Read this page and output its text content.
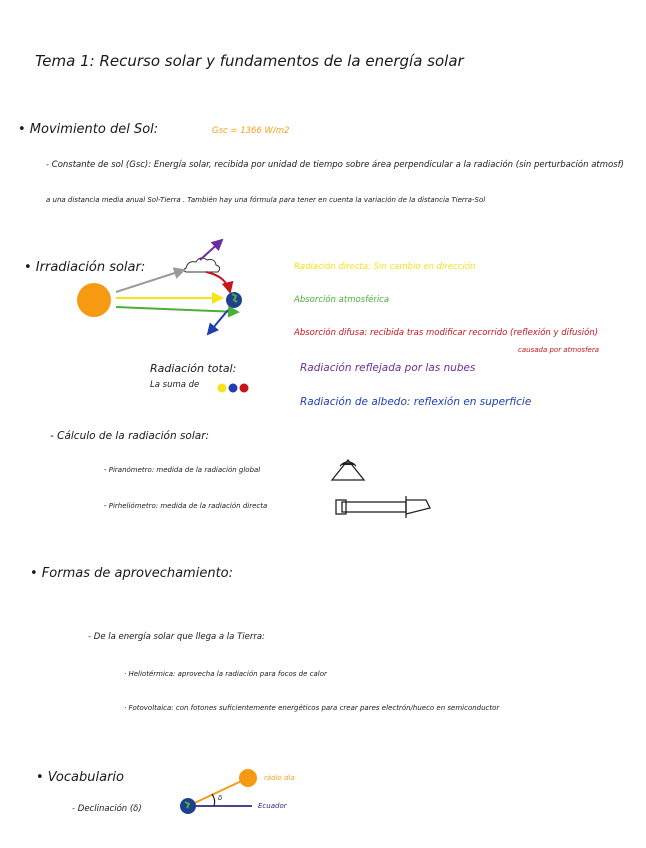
Tema 1: Recurso solar y fundamentos de la energía solar
• Movimiento del Sol:	Gsc = 1366 W/m2
- Constante de sol (Gsc): Energía solar, recibida por unidad de tiempo sobre área perpendicular a la radiación (sin perturbación atmosf)
a una distancia media anual Sol-Tierra . También hay una fórmula para tener en cuenta la variación de la distancia Tierra-Sol
• Irradiación solar:	Radiación directa: Sin cambio en dirección
Absorción atmosférica
Absorción difusa: recibida tras modificar recorrido (reflexión y difusión)
causada por atmosfera
Radiación reflejada por las nubes
Radiación de albedo: reflexión en superficie
Radiación total:
La suma de
- Cálculo de la radiación solar:
- Piranómetro: medida de la radiación global
- Pirheliómetro: medida de la radiación directa
• Formas de aprovechamiento:
- De la energía solar que llega a la Tierra:
· Heliotérmica: aprovecha la radiación para focos de calor
· Fotovoltaica: con fotones suficientemente energéticos para crear pares electrón/hueco en semiconductor
• Vocabulario
- Declinación (δ)
rádio dia
Ecuador
δ
